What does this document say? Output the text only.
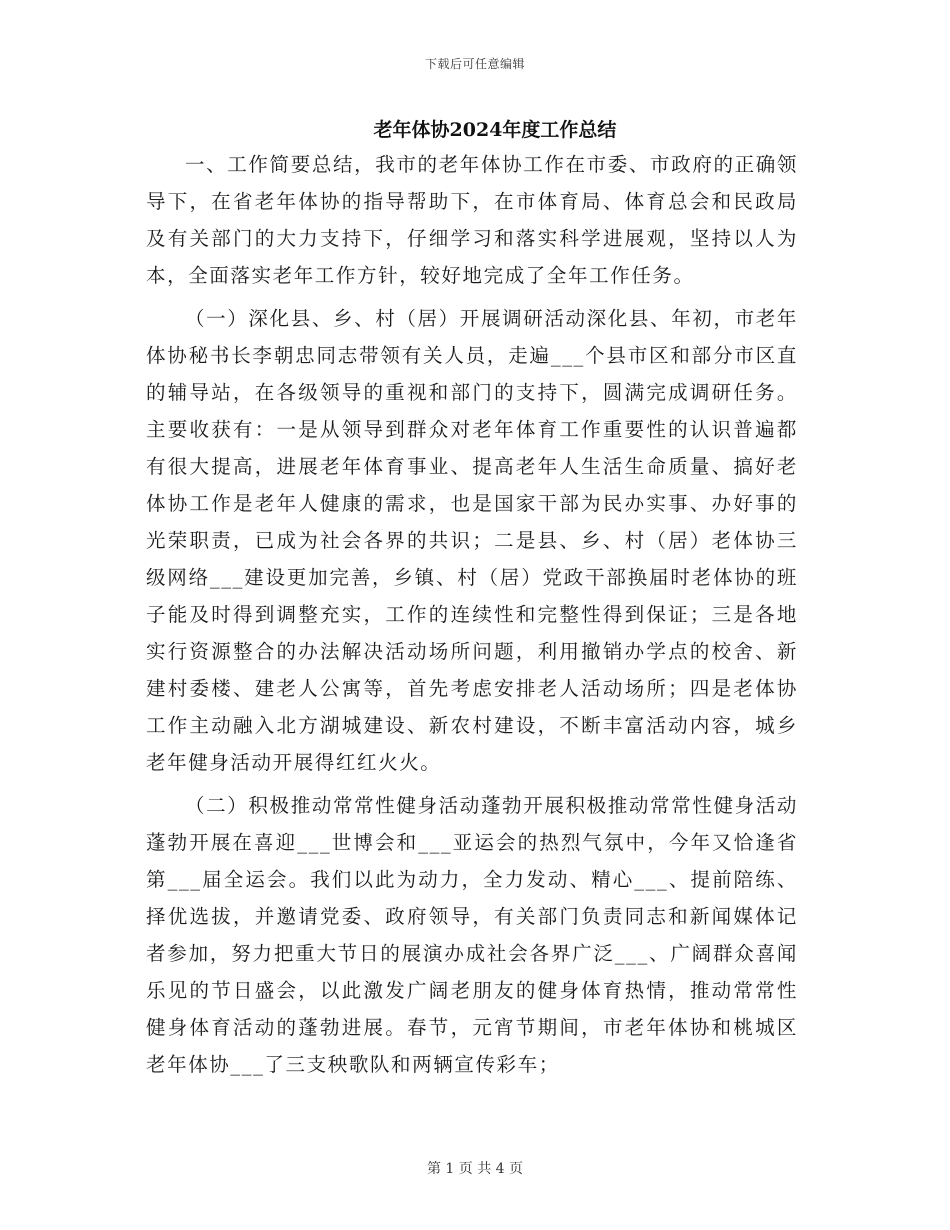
下载后可任意编辑
老年体协2024年度工作总结

一、工作简要总结，我市的老年体协工作在市委、市政府的正确领导下，在省老年体协的指导帮助下，在市体育局、体育总会和民政局及有关部门的大力支持下，仔细学习和落实科学进展观，坚持以人为本，全面落实老年工作方针，较好地完成了全年工作任务。

（一）深化县、乡、村（居）开展调研活动深化县、年初，市老年体协秘书长李朝忠同志带领有关人员，走遍___个县市区和部分市区直的辅导站，在各级领导的重视和部门的支持下，圆满完成调研任务。主要收获有：一是从领导到群众对老年体育工作重要性的认识普遍都有很大提高，进展老年体育事业、提高老年人生活生命质量、搞好老体协工作是老年人健康的需求，也是国家干部为民办实事、办好事的光荣职责，已成为社会各界的共识；二是县、乡、村（居）老体协三级网络___建设更加完善，乡镇、村（居）党政干部换届时老体协的班子能及时得到调整充实，工作的连续性和完整性得到保证；三是各地实行资源整合的办法解决活动场所问题，利用撤销办学点的校舍、新建村委楼、建老人公寓等，首先考虑安排老人活动场所；四是老体协工作主动融入北方湖城建设、新农村建设，不断丰富活动内容，城乡老年健身活动开展得红红火火。

（二）积极推动常常性健身活动蓬勃开展积极推动常常性健身活动蓬勃开展在喜迎___世博会和___亚运会的热烈气氛中，今年又恰逢省第___届全运会。我们以此为动力，全力发动、精心___、提前陪练、择优选拔，并邀请党委、政府领导，有关部门负责同志和新闻媒体记者参加，努力把重大节日的展演办成社会各界广泛___、广阔群众喜闻乐见的节日盛会，以此激发广阔老朋友的健身体育热情，推动常常性健身体育活动的蓬勃进展。春节，元宵节期间，市老年体协和桃城区老年体协___了三支秧歌队和两辆宣传彩车；

第 1 页 共 4 页
